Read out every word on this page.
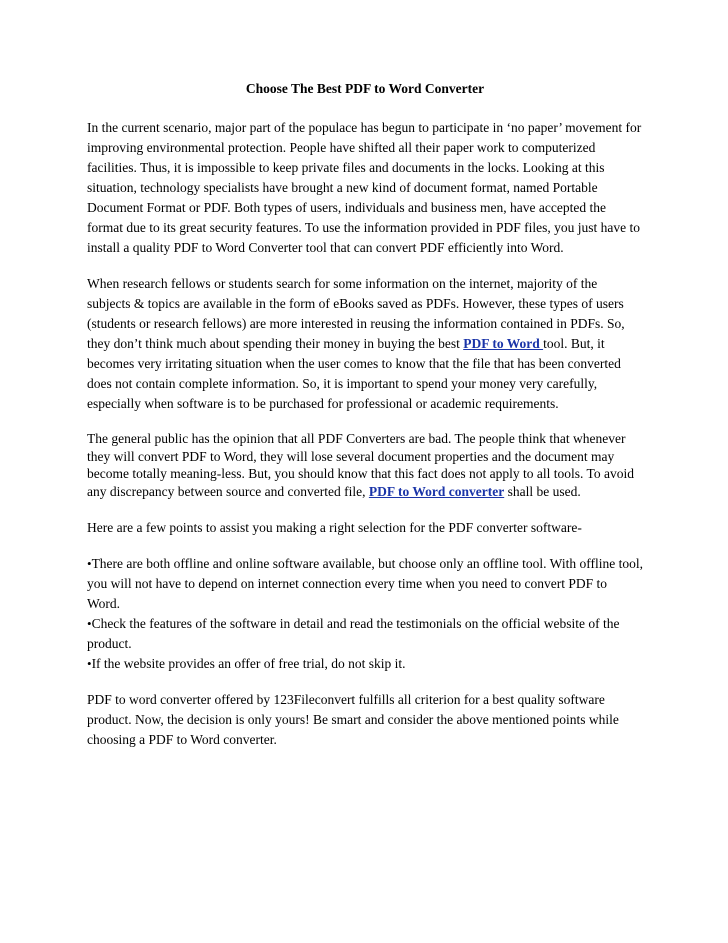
Choose The Best PDF to Word Converter

In the current scenario, major part of the populace has begun to participate in ‘no paper’ movement for improving environmental protection. People have shifted all their paper work to computerized facilities. Thus, it is impossible to keep private files and documents in the locks. Looking at this situation, technology specialists have brought a new kind of document format, named Portable Document Format or PDF. Both types of users, individuals and business men, have accepted the format due to its great security features. To use the information provided in PDF files, you just have to install a quality PDF to Word Converter tool that can convert PDF efficiently into Word.

When research fellows or students search for some information on the internet, majority of the subjects & topics are available in the form of eBooks saved as PDFs. However, these types of users (students or research fellows) are more interested in reusing the information contained in PDFs. So, they don’t think much about spending their money in buying the best PDF to Word tool. But, it becomes very irritating situation when the user comes to know that the file that has been converted does not contain complete information. So, it is important to spend your money very carefully, especially when software is to be purchased for professional or academic requirements.

The general public has the opinion that all PDF Converters are bad. The people think that whenever they will convert PDF to Word, they will lose several document properties and the document may become totally meaning-less. But, you should know that this fact does not apply to all tools. To avoid any discrepancy between source and converted file, PDF to Word converter shall be used.

Here are a few points to assist you making a right selection for the PDF converter software-

•There are both offline and online software available, but choose only an offline tool. With offline tool, you will not have to depend on internet connection every time when you need to convert PDF to Word.
•Check the features of the software in detail and read the testimonials on the official website of the product.
•If the website provides an offer of free trial, do not skip it.

PDF to word converter offered by 123Fileconvert fulfills all criterion for a best quality software product. Now, the decision is only yours! Be smart and consider the above mentioned points while choosing a PDF to Word converter.
